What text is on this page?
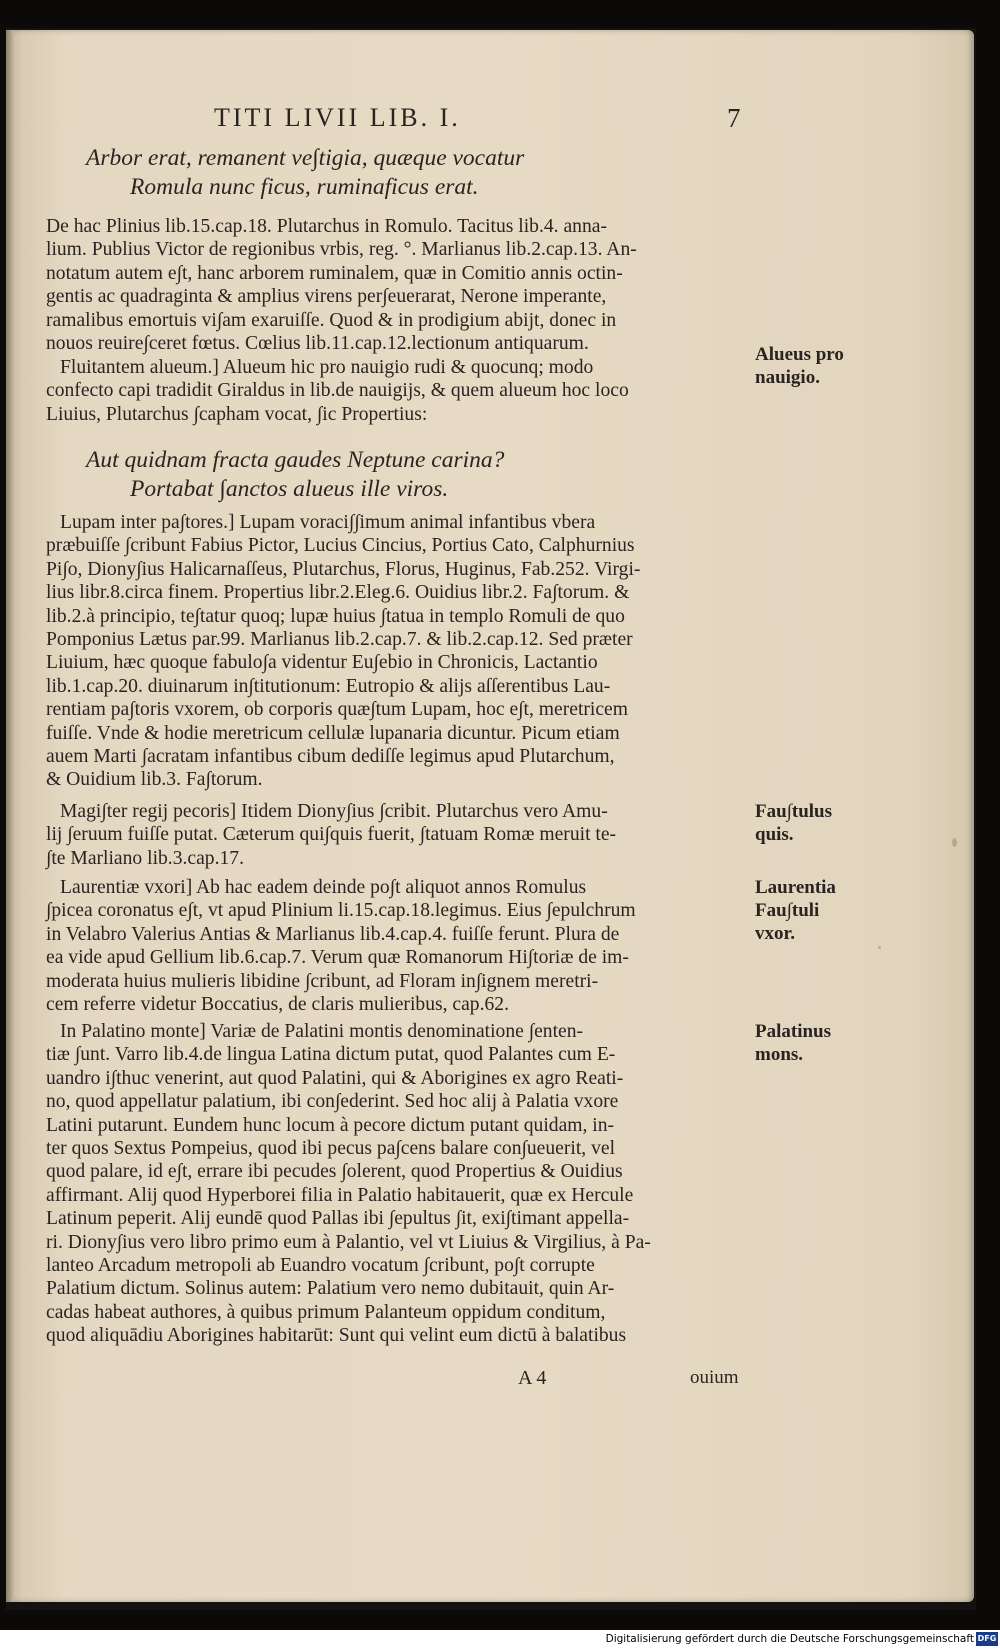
TITI LIVII LIB. I.	7
Arbor erat, remanent ve∫tigia, quæque vocatur
Romula nunc ficus, ruminaficus erat.
De hac Plinius lib.15.cap.18. Plutarchus in Romulo. Tacitus lib.4. anna-
lium. Publius Victor de regionibus vrbis, reg. °. Marlianus lib.2.cap.13. An-
notatum autem e∫t, hanc arborem ruminalem, quæ in Comitio annis octin-
gentis ac quadraginta & amplius virens per∫euerarat, Nerone imperante,
ramalibus emortuis vi∫am exaruiſſe. Quod & in prodigium abijt, donec in
nouos reuire∫ceret fœtus. Cœlius lib.11.cap.12.lectionum antiquarum.
Fluitantem alueum.] Alueum hic pro nauigio rudi & quocunq; modo
confecto capi tradidit Giraldus in lib.de nauigijs, & quem alueum hoc loco
Liuius, Plutarchus ∫capham vocat, ∫ic Propertius:
Aut quidnam fracta gaudes Neptune carina?
Portabat ∫anctos alueus ille viros.
Lupam inter pa∫tores.] Lupam voraci∫∫imum animal infantibus vbera
præbuiſſe ∫cribunt Fabius Pictor, Lucius Cincius, Portius Cato, Calphurnius
Pi∫o, Diony∫ius Halicarnaſſeus, Plutarchus, Florus, Huginus, Fab.252. Virgi-
lius libr.8.circa finem. Propertius libr.2.Eleg.6. Ouidius libr.2. Fa∫torum. &
lib.2.à principio, te∫tatur quoq; lupæ huius ∫tatua in templo Romuli de quo
Pomponius Lætus par.99. Marlianus lib.2.cap.7. & lib.2.cap.12. Sed præter
Liuium, hæc quoque fabulo∫a videntur Eu∫ebio in Chronicis, Lactantio
lib.1.cap.20. diuinarum in∫titutionum: Eutropio & alijs aſſerentibus Lau-
rentiam pa∫toris vxorem, ob corporis quæ∫tum Lupam, hoc e∫t, meretricem
fuiſſe. Vnde & hodie meretricum cellulæ lupanaria dicuntur. Picum etiam
auem Marti ∫acratam infantibus cibum dediſſe legimus apud Plutarchum,
& Ouidium lib.3. Fa∫torum.
Magi∫ter regij pecoris] Itidem Diony∫ius ∫cribit. Plutarchus vero Amu-
lij ∫eruum fuiſſe putat. Cæterum qui∫quis fuerit, ∫tatuam Romæ meruit te-
∫te Marliano lib.3.cap.17.
Laurentiæ vxori] Ab hac eadem deinde po∫t aliquot annos Romulus
∫picea coronatus e∫t, vt apud Plinium li.15.cap.18.legimus. Eius ∫epulchrum
in Velabro Valerius Antias & Marlianus lib.4.cap.4. fuiſſe ferunt. Plura de
ea vide apud Gellium lib.6.cap.7. Verum quæ Romanorum Hi∫toriæ de im-
moderata huius mulieris libidine ∫cribunt, ad Floram in∫ignem meretri-
cem referre videtur Boccatius, de claris mulieribus, cap.62.
In Palatino monte] Variæ de Palatini montis denominatione ∫enten-
tiæ ∫unt. Varro lib.4.de lingua Latina dictum putat, quod Palantes cum E-
uandro i∫thuc venerint, aut quod Palatini, qui & Aborigines ex agro Reati-
no, quod appellatur palatium, ibi con∫ederint. Sed hoc alij à Palatia vxore
Latini putarunt. Eundem hunc locum à pecore dictum putant quidam, in-
ter quos Sextus Pompeius, quod ibi pecus pa∫cens balare con∫ueuerit, vel
quod palare, id e∫t, errare ibi pecudes ∫olerent, quod Propertius & Ouidius
affirmant. Alij quod Hyperborei filia in Palatio habitauerit, quæ ex Hercule
Latinum peperit. Alij eundē quod Pallas ibi ∫epultus ∫it, exi∫timant appella-
ri. Diony∫ius vero libro primo eum à Palantio, vel vt Liuius & Virgilius, à Pa-
lanteo Arcadum metropoli ab Euandro vocatum ∫cribunt, po∫t corrupte
Palatium dictum. Solinus autem: Palatium vero nemo dubitauit, quin Ar-
cadas habeat authores, à quibus primum Palanteum oppidum conditum,
quod aliquādiu Aborigines habitarūt: Sunt qui velint eum dictū à balatibus
Alueus pro
nauigio.
Fau∫tulus
quis.
Laurentia
Fau∫tuli
vxor.
Palatinus
mons.
A 4	ouium
Digitalisierung gefördert durch die Deutsche Forschungsgemeinschaft DFG
